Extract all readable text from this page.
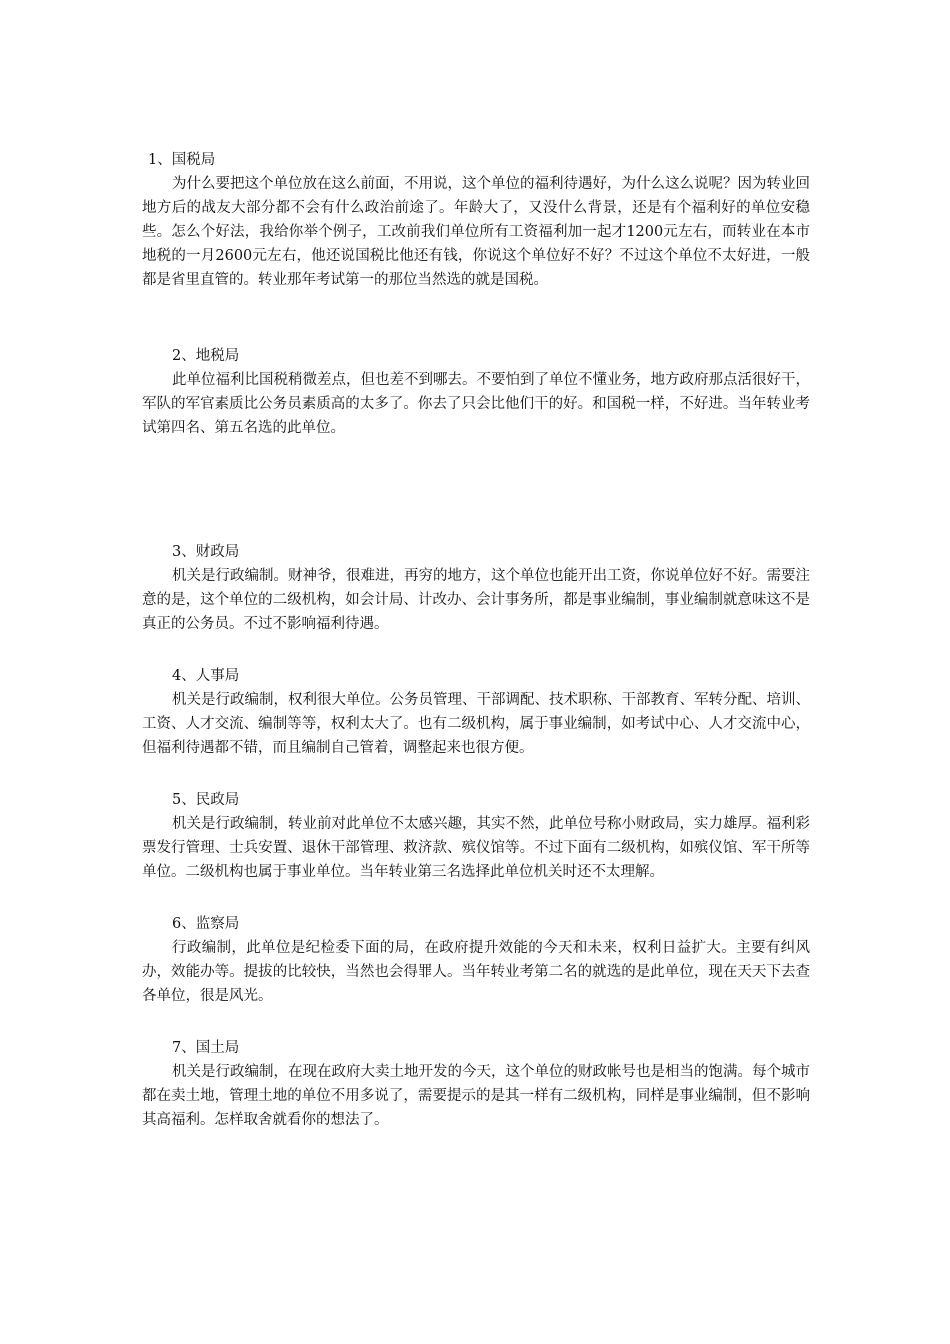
1、国税局

为什么要把这个单位放在这么前面，不用说，这个单位的福利待遇好，为什么这么说呢？因为转业回地方后的战友大部分都不会有什么政治前途了。年龄大了，又没什么背景，还是有个福利好的单位安稳些。怎么个好法，我给你举个例子，工改前我们单位所有工资福利加一起才1200元左右，而转业在本市地税的一月2600元左右，他还说国税比他还有钱，你说这个单位好不好？不过这个单位不太好进，一般都是省里直管的。转业那年考试第一的那位当然选的就是国税。

2、地税局

此单位福利比国税稍微差点，但也差不到哪去。不要怕到了单位不懂业务，地方政府那点活很好干，军队的军官素质比公务员素质高的太多了。你去了只会比他们干的好。和国税一样，不好进。当年转业考试第四名、第五名选的此单位。

3、财政局

机关是行政编制。财神爷，很难进，再穷的地方，这个单位也能开出工资，你说单位好不好。需要注意的是，这个单位的二级机构，如会计局、计改办、会计事务所，都是事业编制，事业编制就意味这不是真正的公务员。不过不影响福利待遇。

4、人事局

机关是行政编制，权利很大单位。公务员管理、干部调配、技术职称、干部教育、军转分配、培训、工资、人才交流、编制等等，权利太大了。也有二级机构，属于事业编制，如考试中心、人才交流中心，但福利待遇都不错，而且编制自己管着，调整起来也很方便。

5、民政局

机关是行政编制，转业前对此单位不太感兴趣，其实不然，此单位号称小财政局，实力雄厚。福利彩票发行管理、士兵安置、退休干部管理、救济款、殡仪馆等。不过下面有二级机构，如殡仪馆、军干所等单位。二级机构也属于事业单位。当年转业第三名选择此单位机关时还不太理解。

6、监察局

行政编制，此单位是纪检委下面的局，在政府提升效能的今天和未来，权利日益扩大。主要有纠风办，效能办等。提拔的比较快，当然也会得罪人。当年转业考第二名的就选的是此单位，现在天天下去查各单位，很是风光。

7、国土局

机关是行政编制，在现在政府大卖土地开发的今天，这个单位的财政帐号也是相当的饱满。每个城市都在卖土地，管理土地的单位不用多说了，需要提示的是其一样有二级机构，同样是事业编制，但不影响其高福利。怎样取舍就看你的想法了。
